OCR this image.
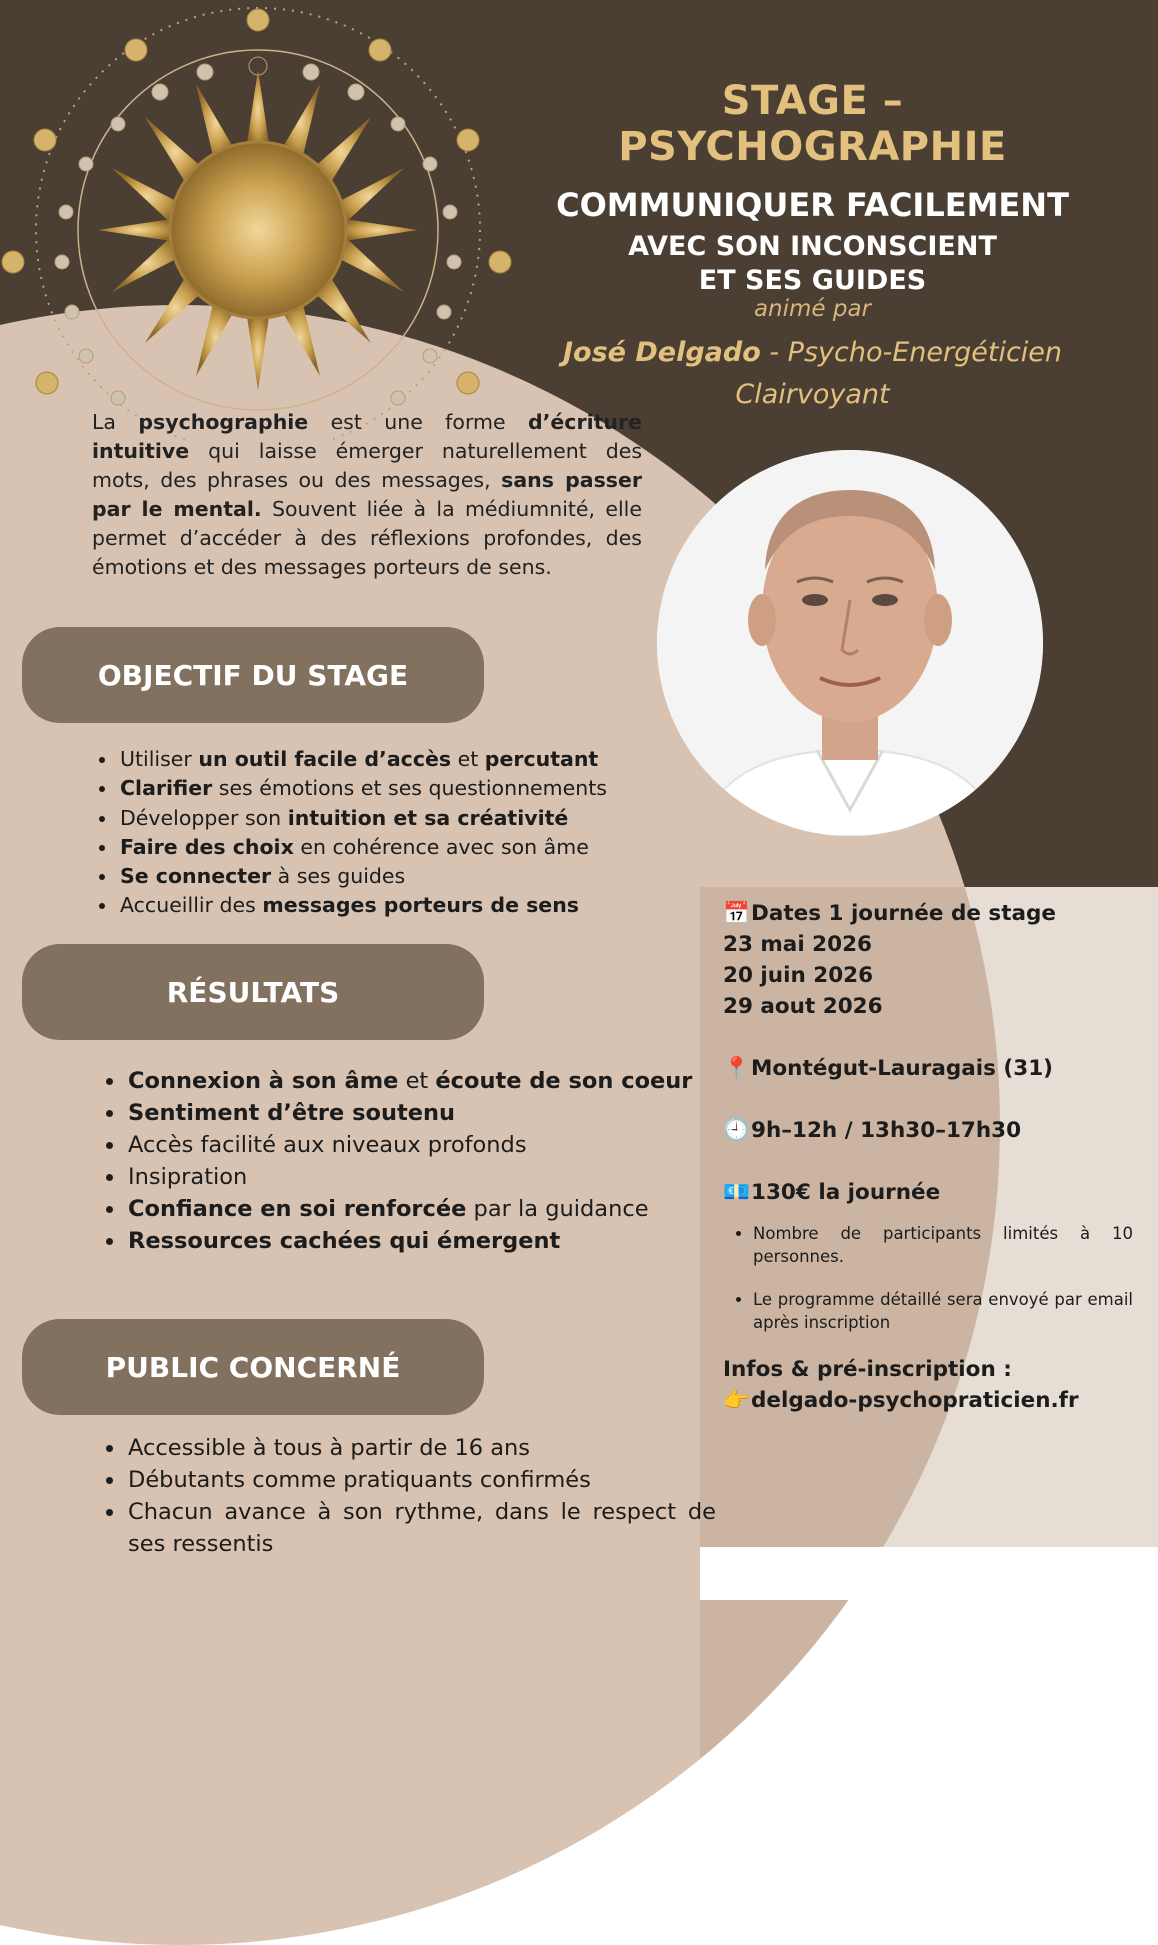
STAGE – PSYCHOGRAPHIE
COMMUNIQUER FACILEMENT
AVEC SON INCONSCIENT
ET SES GUIDES
animé par
José Delgado - Psycho-Energéticien
Clairvoyant
La psychographie est une forme d’écriture intuitive qui laisse émerger naturellement des mots, des phrases ou des messages, sans passer par le mental. Souvent liée à la médiumnité, elle permet d’accéder à des réflexions profondes, des émotions et des messages porteurs de sens.
OBJECTIF DU STAGE
• Utiliser un outil facile d’accès et percutant
• Clarifier ses émotions et ses questionnements
• Développer son intuition et sa créativité
• Faire des choix en cohérence avec son âme
• Se connecter à ses guides
• Accueillir des messages porteurs de sens
RÉSULTATS
• Connexion à son âme et écoute de son coeur
• Sentiment d’être soutenu
• Accès facilité aux niveaux profonds
• Insipration
• Confiance en soi renforcée par la guidance
• Ressources cachées qui émergent
PUBLIC CONCERNÉ
• Accessible à tous à partir de 16 ans
• Débutants comme pratiquants confirmés
• Chacun avance à son rythme, dans le respect de ses ressentis
📅Dates 1 journée de stage
23 mai 2026
20 juin 2026
29 aout 2026
📍Montégut-Lauragais (31)
🕘9h–12h / 13h30–17h30
💶130€ la journée
• Nombre de participants limités à 10 personnes.
• Le programme détaillé sera envoyé par email après inscription
Infos & pré-inscription :
👉delgado-psychopraticien.fr
